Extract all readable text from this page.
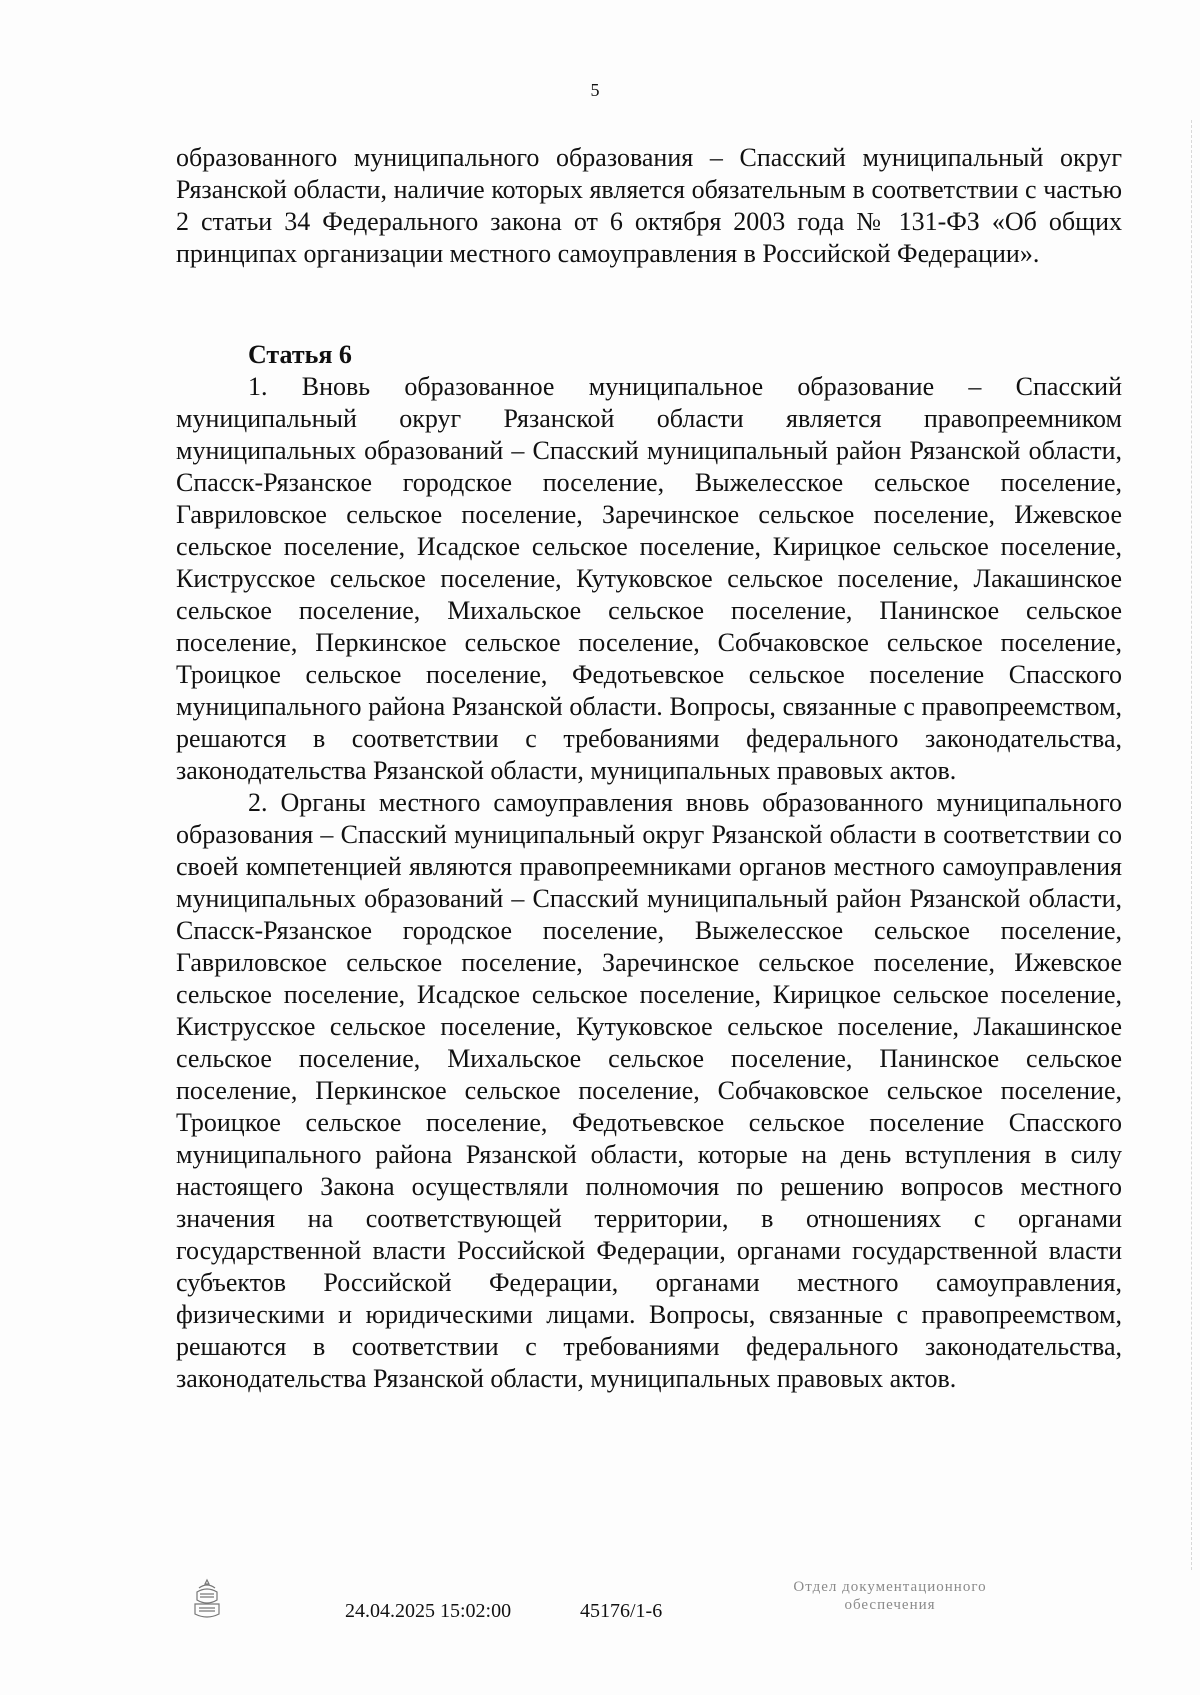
5

образованного муниципального образования – Спасский муниципальный округ Рязанской области, наличие которых является обязательным в соответствии с частью 2 статьи 34 Федерального закона от 6 октября 2003 года № 131-ФЗ «Об общих принципах организации местного самоуправления в Российской Федерации».

Статья 6

1. Вновь образованное муниципальное образование – Спасский муниципальный округ Рязанской области является правопреемником муниципальных образований – Спасский муниципальный район Рязанской области, Спасск-Рязанское городское поселение, Выжелесское сельское поселение, Гавриловское сельское поселение, Заречинское сельское поселение, Ижевское сельское поселение, Исадское сельское поселение, Кирицкое сельское поселение, Киструсское сельское поселение, Кутуковское сельское поселение, Лакашинское сельское поселение, Михальское сельское поселение, Панинское сельское поселение, Перкинское сельское поселение, Собчаковское сельское поселение, Троицкое сельское поселение, Федотьевское сельское поселение Спасского муниципального района Рязанской области. Вопросы, связанные с правопреемством, решаются в соответствии с требованиями федерального законодательства, законодательства Рязанской области, муниципальных правовых актов.

2. Органы местного самоуправления вновь образованного муниципального образования – Спасский муниципальный округ Рязанской области в соответствии со своей компетенцией являются правопреемниками органов местного самоуправления муниципальных образований – Спасский муниципальный район Рязанской области, Спасск-Рязанское городское поселение, Выжелесское сельское поселение, Гавриловское сельское поселение, Заречинское сельское поселение, Ижевское сельское поселение, Исадское сельское поселение, Кирицкое сельское поселение, Киструсское сельское поселение, Кутуковское сельское поселение, Лакашинское сельское поселение, Михальское сельское поселение, Панинское сельское поселение, Перкинское сельское поселение, Собчаковское сельское поселение, Троицкое сельское поселение, Федотьевское сельское поселение Спасского муниципального района Рязанской области, которые на день вступления в силу настоящего Закона осуществляли полномочия по решению вопросов местного значения на соответствующей территории, в отношениях с органами государственной власти Российской Федерации, органами государственной власти субъектов Российской Федерации, органами местного самоуправления, физическими и юридическими лицами. Вопросы, связанные с правопреемством, решаются в соответствии с требованиями федерального законодательства, законодательства Рязанской области, муниципальных правовых актов.

24.04.2025 15:02:00	45176/1-6
Отдел документационного
обеспечения
